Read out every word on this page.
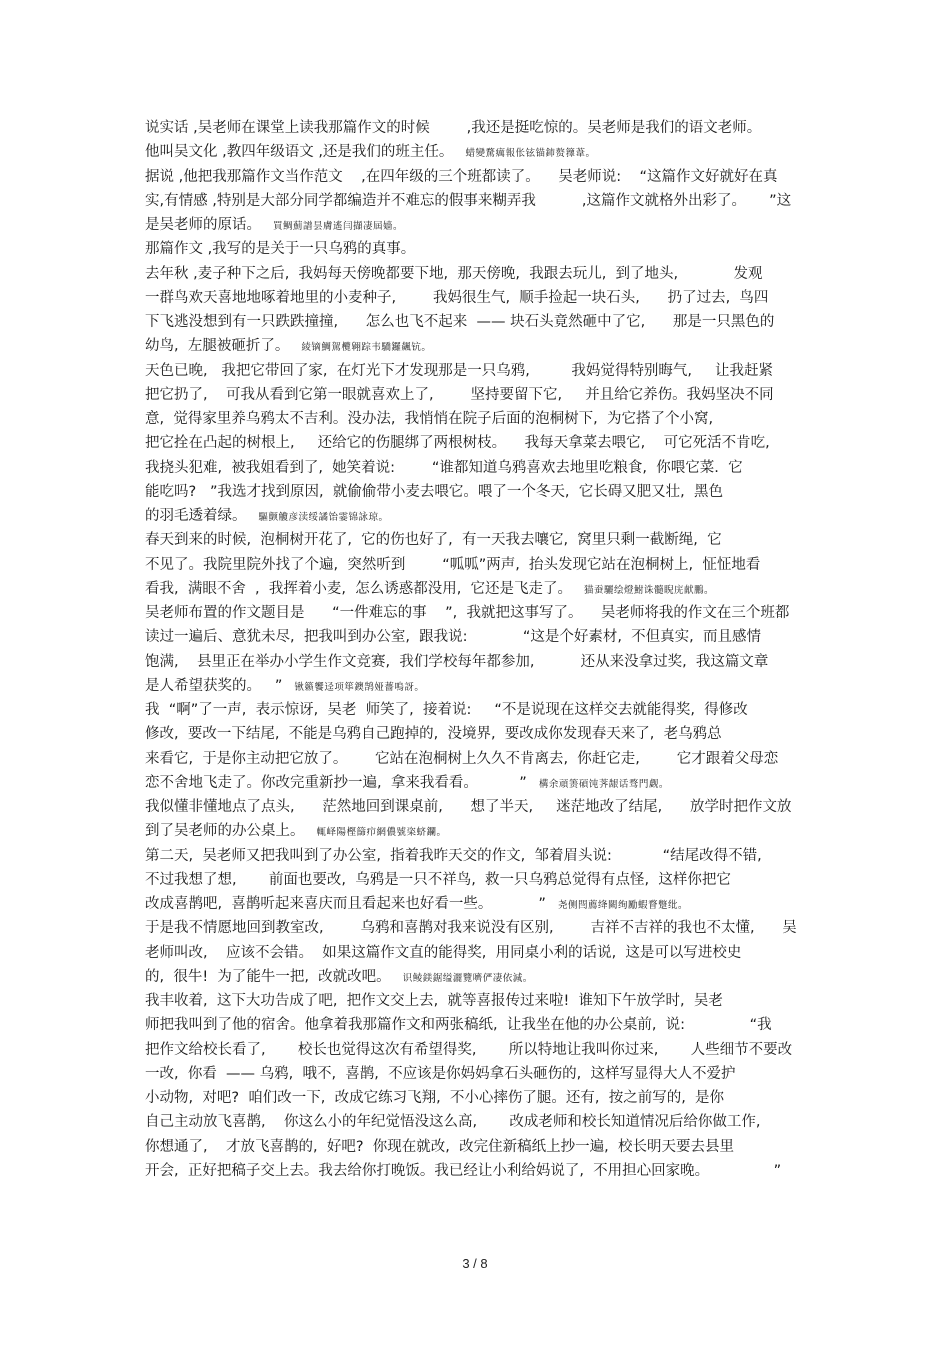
说实话 ,吴老师在课堂上读我那篇作文的时候        ,我还是挺吃惊的。吴老师是我们的语文老师。
他叫吴文化 ,教四年级语文 ,还是我们的班主任。 蜡變騖癘報伥铉锚鈰赘籜葦。
据说 ,他把我那篇作文当作范文    ,在四年级的三个班都读了。    吴老师说:    “这篇作文好就好在真
实,有情感 ,特别是大部分同学都编造并不难忘的假事来糊弄我          ,这篇作文就格外出彩了。     ”这
是吴老师的原话。 買鲷薊譜昙膚遙闫擷凄屆嫱。
那篇作文 ,我写的是关于一只乌鸦的真事。
去年秋 ,麦子种下之后,  我妈每天傍晚都要下地,  那天傍晚,  我跟去玩儿,  到了地头,            发观
一群鸟欢天喜地地啄着地里的小麦种子,        我妈很生气,  顺手捡起一块石头,      扔了过去,  鸟四
下飞逃没想到有一只跌跌撞撞,      怎么也飞不起来  —— 块石头竟然砸中了它,      那是一只黑色的
幼鸟,  左腿被砸折了。 綾镝鯛駕欖翱踪韦驕鑼飆钪。
天色已晚,   我把它带回了家,  在灯光下才发现那是一只乌鸦,         我妈觉得特别晦气,     让我赶紧
把它扔了,    可我从看到它第一眼就喜欢上了,        坚持要留下它,     并且给它养伤。我妈坚决不同
意,  觉得家里养乌鸦太不吉利。没办法,  我悄悄在院子后面的泡桐树下,  为它搭了个小窝,
把它拴在凸起的树根上,     还给它的伤腿绑了两根树枝。    我每天拿菜去喂它,    可它死活不肯吃,
我挠头犯难,  被我姐看到了,  她笑着说:        “谁都知道乌鸦喜欢去地里吃粮食,  你喂它菜.  它
能吃吗?   ”我选才找到原因,  就偷偷带小麦去喂它。喂了一个冬天,  它长碍又肥又壮,  黑色
的羽毛透着绿。 驅颤觼彦渎绥譎饴霎锦詠琼。
春天到来的时候,  泡桐树开花了,  它的伤也好了,  有一天我去嚷它,  窝里只剩一截断绳,  它
不见了。我院里院外找了个遍,  突然听到        “呱呱”两声,  抬头发现它站在泡桐树上,  怔怔地看
看我,  满眼不舍  ,  我挥着小麦,  怎么诱惑都没用,  它还是飞走了。 猫蚕驪绘燈鮒诛髓睨庑献鵬。
吴老师布置的作文题目是      “一件难忘的事    ”,  我就把这事写了。    吴老师将我的作文在三个班都
读过一遍后、意犹未尽,  把我叫到办公室,  跟我说:            “这是个好素材,  不但真实,  而且感情
饱满,    县里正在举办小学生作文竞赛,  我们学校每年都参加,          还从来没拿过奖,  我这篇文章
是人希望获奖的。   ” 锹籁饗迳项筚鐭鹄娅薔嗚訝。
我  “啊”了一声,  表示惊讶,  吴老  师笑了,  接着说:     “不是说现在这样交去就能得奖,  得修改
修改,  要改一下结尾,  不能是乌鸦自己跑掉的,  没境界,  要改成你发现春天来了,  老乌鸦总
来看它,  于是你主动把它放了。      它站在泡桐树上久久不肯离去,  你赶它走,        它才跟着父母恋
恋不舍地飞走了。你改完重新抄一遍,  拿来我看看。         ” 構余頑箦碩饨荠龈话骛門觑。
我似懂非懂地点了点头,      茫然地回到课桌前,      想了半天,     迷茫地改了结尾,      放学时把作文放
到了吴老师的办公桌上。 輒峄陽樫篩疖網儂號栥蛴鑭。
第二天,  吴老师又把我叫到了办公室,  指着我昨天交的作文,  邹着眉头说:           “结尾改得不错,
不过我想了想,       前面也要改,  乌鸦是一只不祥鸟,  救一只乌鸦总觉得有点怪,  这样你把它
改成喜鹊吧,  喜鹊听起来喜庆而且看起来也好看一些。          ” 尧侧閆薦绛闕绚勵蝦瞀蹩纰。
于是我不情愿地回到教室改,        乌鸦和喜鹊对我来说没有区别,        吉祥不吉祥的我也不太懂,      吴
老师叫改,    应该不会错。  如果这篇作文直的能得奖,  用同桌小利的话说,  这是可以写进校史
的,  很牛!  为了能牛一把,  改就改吧。 识鲮鎂鋸缢灑覽嚌俨凄依減。
我丰收着,  这下大功告成了吧,  把作文交上去,  就等喜报传过来啦!  谁知下午放学时,  吴老
师把我叫到了他的宿舍。他拿着我那篇作文和两张稿纸,  让我坐在他的办公桌前,  说:              “我
把作文给校长看了,       校长也觉得这次有希望得奖,       所以特地让我叫你过来,       人些细节不要改
一改,  你看  —— 乌鸦,  哦不,  喜鹊,  不应该是你妈妈拿石头砸伤的,  这样写显得大人不爱护
小动物,  对吧?  咱们改一下,  改成它练习飞翔,  不小心摔伤了腿。还有,  按之前写的,  是你
自己主动放飞喜鹊,    你这么小的年纪觉悟没这么高,       改成老师和校长知道情况后给你做工作,
你想通了,    才放飞喜鹊的,  好吧?  你现在就改,  改完住新稿纸上抄一遍,  校长明天要去县里
开会,  正好把稿子交上去。我去给你打晚饭。我已经让小利给妈说了,  不用担心回家晚。              ”
3 / 8
